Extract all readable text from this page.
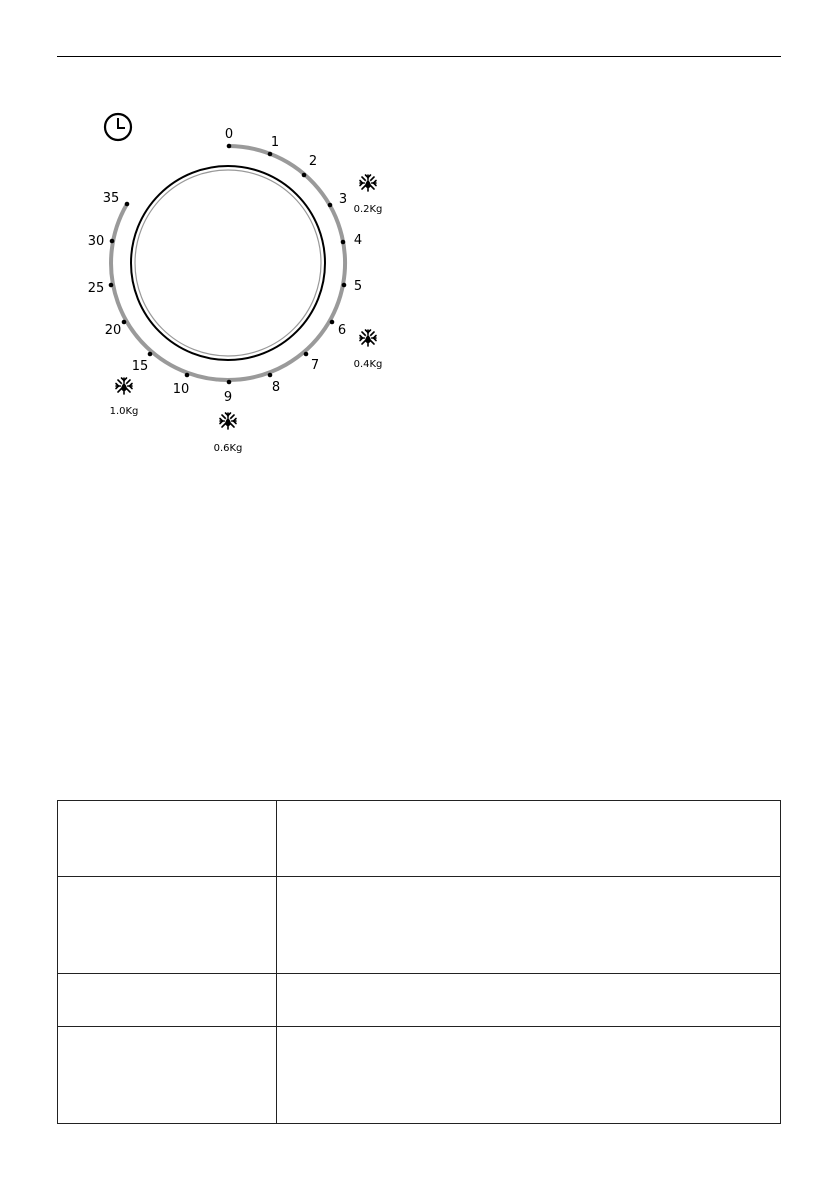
0
1
2
3
4
5
6
7
8
9
10
15
20
25
30
35
0.2Kg
0.4Kg
0.6Kg
1.0Kg
